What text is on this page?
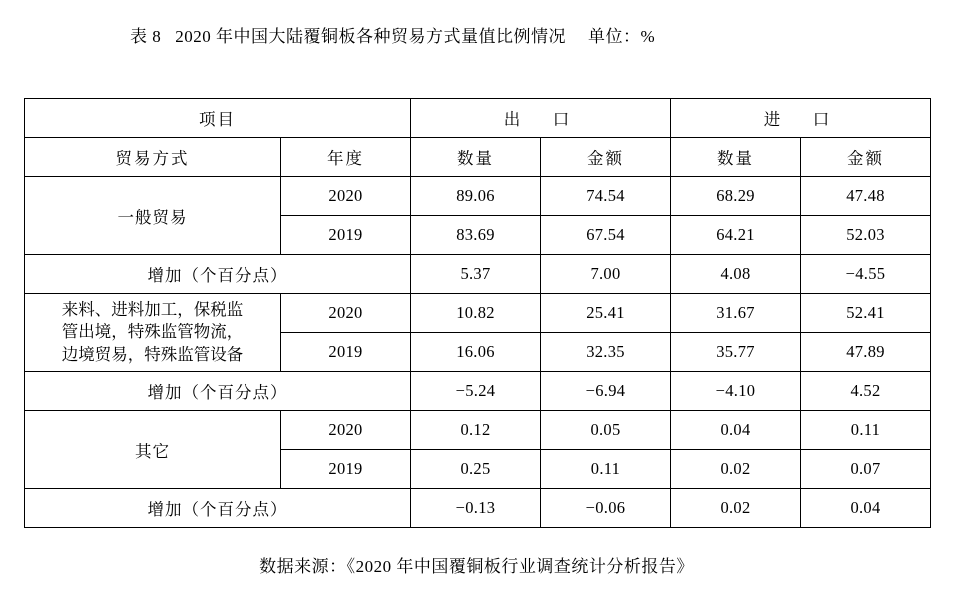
表 8 2020 年中国大陆覆铜板各种贸易方式量值比例情况 单位：%
项目		出　口		进　口	
贸易方式	年度	数量	金额	数量	金额
一般贸易	2020	89.06	74.54	68.29	47.48
	2019	83.69	67.54	64.21	52.03
增加（个百分点）		5.37	7.00	4.08	−4.55
来料、进料加工，保税监
管出境，特殊监管物流，
边境贸易，特殊监管设备	2020	10.82	25.41	31.67	52.41
	2019	16.06	32.35	35.77	47.89
增加（个百分点）		−5.24	−6.94	−4.10	4.52
其它	2020	0.12	0.05	0.04	0.11
	2019	0.25	0.11	0.02	0.07
增加（个百分点）		−0.13	−0.06	0.02	0.04
数据来源：《2020 年中国覆铜板行业调查统计分析报告》
